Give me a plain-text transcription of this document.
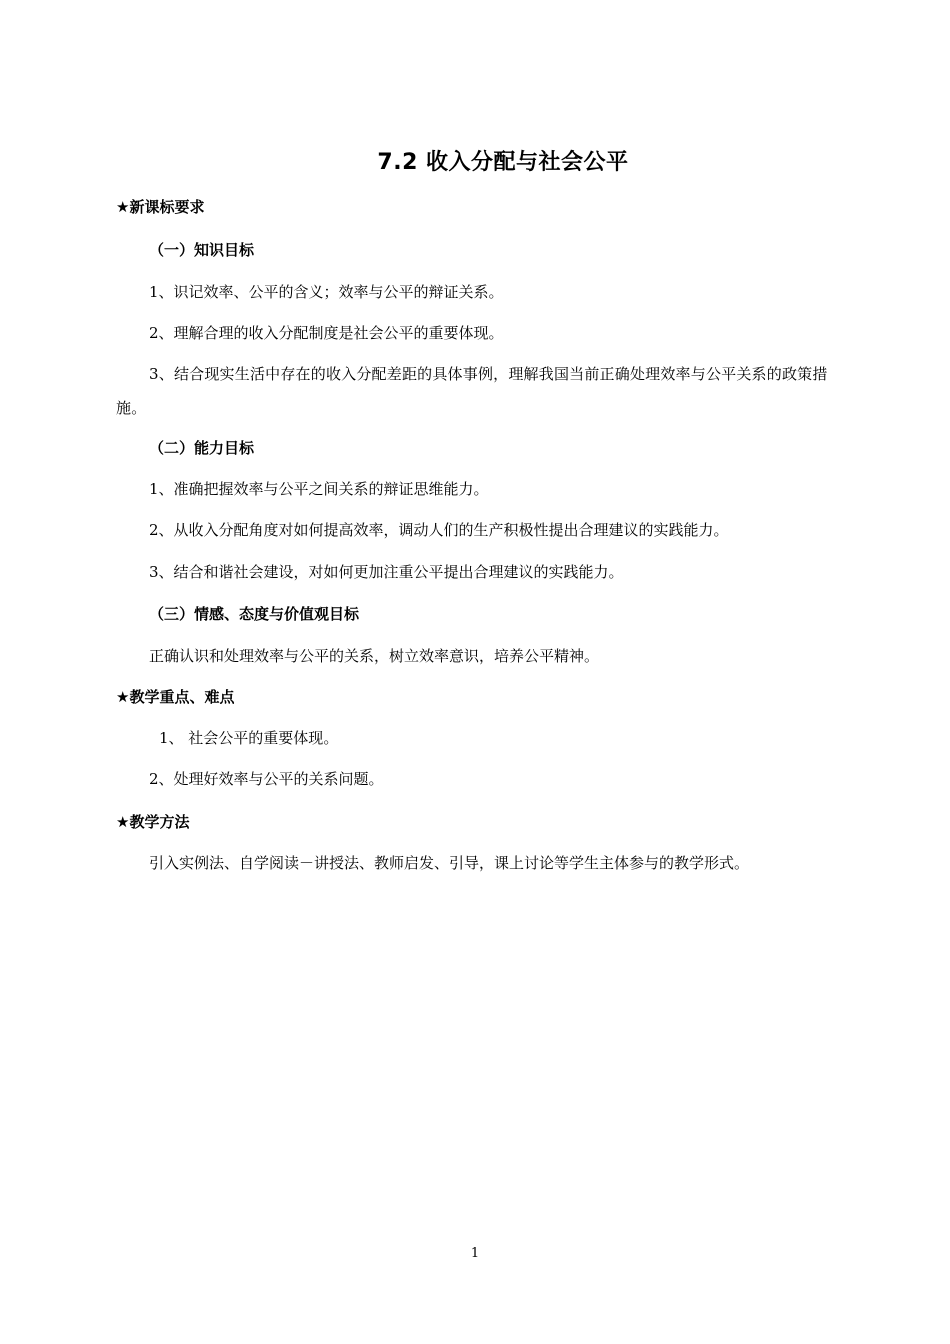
7.2 收入分配与社会公平
★新课标要求
（一）知识目标
1、识记效率、公平的含义；效率与公平的辩证关系。
2、理解合理的收入分配制度是社会公平的重要体现。
3、结合现实生活中存在的收入分配差距的具体事例，理解我国当前正确处理效率与公平关系的政策措施。
（二）能力目标
1、准确把握效率与公平之间关系的辩证思维能力。
2、从收入分配角度对如何提高效率，调动人们的生产积极性提出合理建议的实践能力。
3、结合和谐社会建设，对如何更加注重公平提出合理建议的实践能力。
（三）情感、态度与价值观目标
正确认识和处理效率与公平的关系，树立效率意识，培养公平精神。
★教学重点、难点
1、 社会公平的重要体现。
2、处理好效率与公平的关系问题。
★教学方法
引入实例法、自学阅读－讲授法、教师启发、引导，课上讨论等学生主体参与的教学形式。
1
